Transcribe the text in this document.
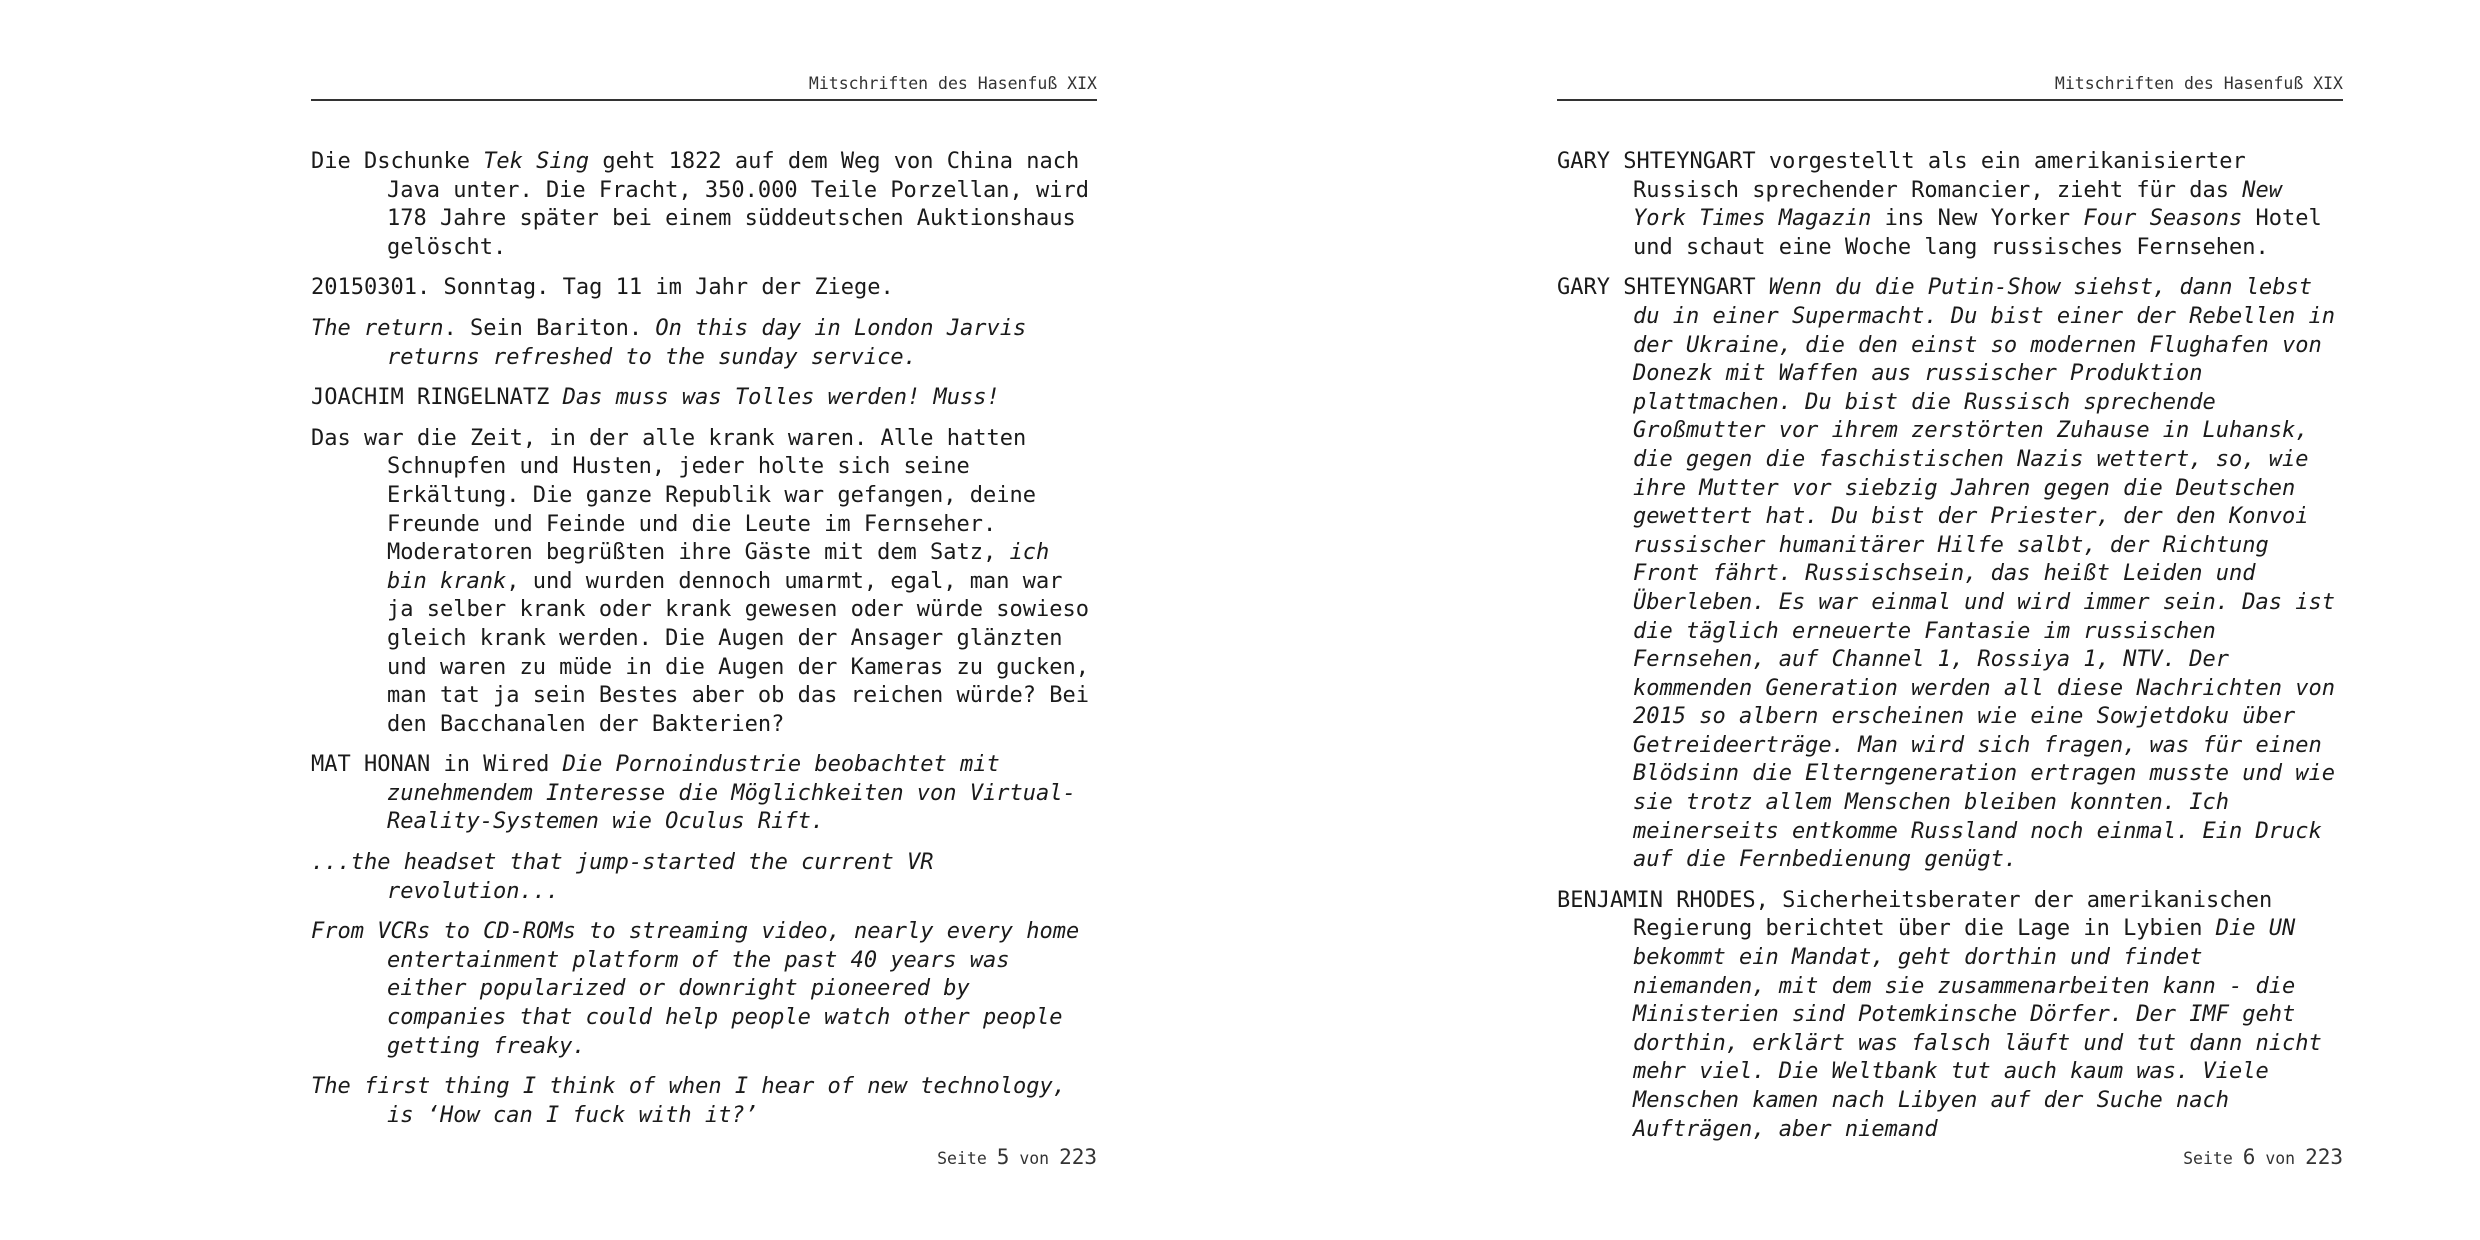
Mitschriften des Hasenfuß XIX

Die Dschunke Tek Sing geht 1822 auf dem Weg von China nach Java unter. Die Fracht, 350.000 Teile Porzellan, wird 178 Jahre später bei einem süddeutschen Auktionshaus gelöscht.

20150301. Sonntag. Tag 11 im Jahr der Ziege.

The return. Sein Bariton. On this day in London Jarvis returns refreshed to the sunday service.

JOACHIM RINGELNATZ Das muss was Tolles werden! Muss!

Das war die Zeit, in der alle krank waren. Alle hatten Schnupfen und Husten, jeder holte sich seine Erkältung. Die ganze Republik war gefangen, deine Freunde und Feinde und die Leute im Fernseher. Moderatoren begrüßten ihre Gäste mit dem Satz, ich bin krank, und wurden dennoch umarmt, egal, man war ja selber krank oder krank gewesen oder würde sowieso gleich krank werden. Die Augen der Ansager glänzten und waren zu müde in die Augen der Kameras zu gucken, man tat ja sein Bestes aber ob das reichen würde? Bei den Bacchanalen der Bakterien?

MAT HONAN in Wired Die Pornoindustrie beobachtet mit zunehmendem Interesse die Möglichkeiten von Virtual-Reality-Systemen wie Oculus Rift.

...the headset that jump-started the current VR revolution...

From VCRs to CD-ROMs to streaming video, nearly every home entertainment platform of the past 40 years was either popularized or downright pioneered by companies that could help people watch other people getting freaky.

The first thing I think of when I hear of new technology, is ‘How can I fuck with it?’

Seite 5 von 223
Mitschriften des Hasenfuß XIX

GARY SHTEYNGART vorgestellt als ein amerikanisierter Russisch sprechender Romancier, zieht für das New York Times Magazin ins New Yorker Four Seasons Hotel und schaut eine Woche lang russisches Fernsehen.

GARY SHTEYNGART Wenn du die Putin-Show siehst, dann lebst du in einer Supermacht. Du bist einer der Rebellen in der Ukraine, die den einst so modernen Flughafen von Donezk mit Waffen aus russischer Produktion plattmachen. Du bist die Russisch sprechende Großmutter vor ihrem zerstörten Zuhause in Luhansk, die gegen die faschistischen Nazis wettert, so, wie ihre Mutter vor siebzig Jahren gegen die Deutschen gewettert hat. Du bist der Priester, der den Konvoi russischer humanitärer Hilfe salbt, der Richtung Front fährt. Russischsein, das heißt Leiden und Überleben. Es war einmal und wird immer sein. Das ist die täglich erneuerte Fantasie im russischen Fernsehen, auf Channel 1, Rossiya 1, NTV. Der kommenden Generation werden all diese Nachrichten von 2015 so albern erscheinen wie eine Sowjetdoku über Getreideerträge. Man wird sich fragen, was für einen Blödsinn die Elterngeneration ertragen musste und wie sie trotz allem Menschen bleiben konnten. Ich meinerseits entkomme Russland noch einmal. Ein Druck auf die Fernbedienung genügt.

BENJAMIN RHODES, Sicherheitsberater der amerikanischen Regierung berichtet über die Lage in Lybien Die UN bekommt ein Mandat, geht dorthin und findet niemanden, mit dem sie zusammenarbeiten kann - die Ministerien sind Potemkinsche Dörfer. Der IMF geht dorthin, erklärt was falsch läuft und tut dann nicht mehr viel. Die Weltbank tut auch kaum was. Viele Menschen kamen nach Libyen auf der Suche nach Aufträgen, aber niemand

Seite 6 von 223
